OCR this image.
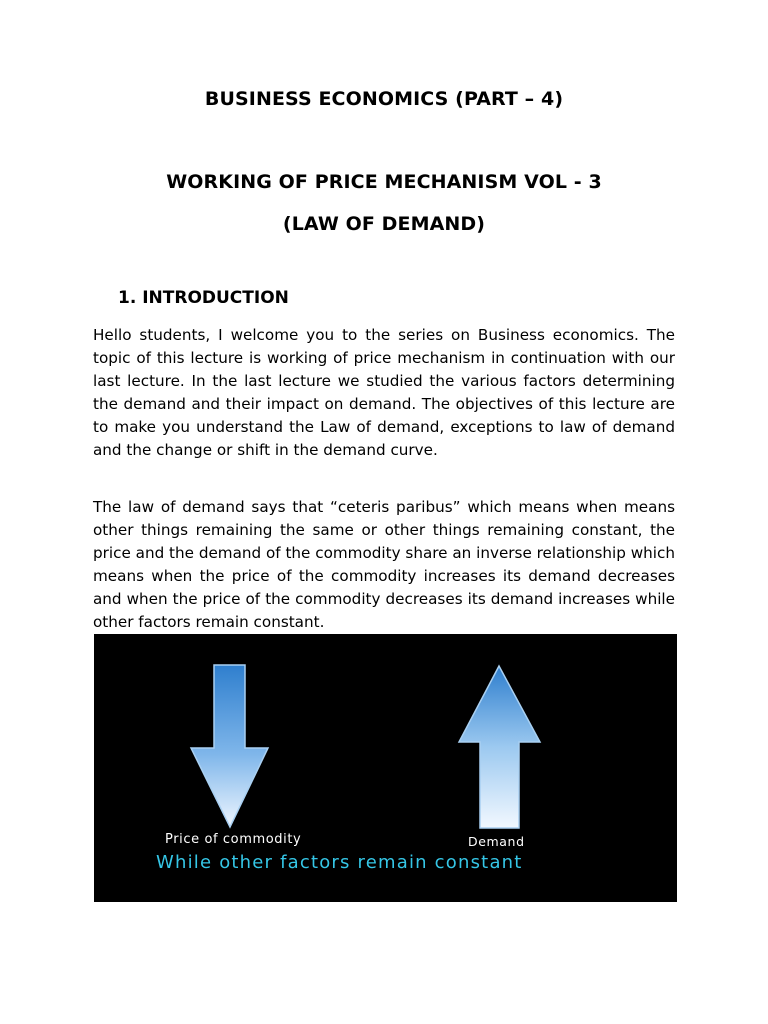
BUSINESS ECONOMICS (PART – 4)
WORKING OF PRICE MECHANISM VOL - 3
(LAW OF DEMAND)
1. INTRODUCTION

Hello students, I welcome you to the series on Business economics. The topic of this lecture is working of price mechanism in continuation with our last lecture. In the last lecture we studied the various factors determining the demand and their impact on demand. The objectives of this lecture are to make you understand the Law of demand, exceptions to law of demand and the change or shift in the demand curve.

The law of demand says that “ceteris paribus” which means when means other things remaining the same or other things remaining constant, the price and the demand of the commodity share an inverse relationship which means when the price of the commodity increases its demand decreases and when the price of the commodity decreases its demand increases while other factors remain constant.

Price of commodity	Demand
While other factors remain constant
